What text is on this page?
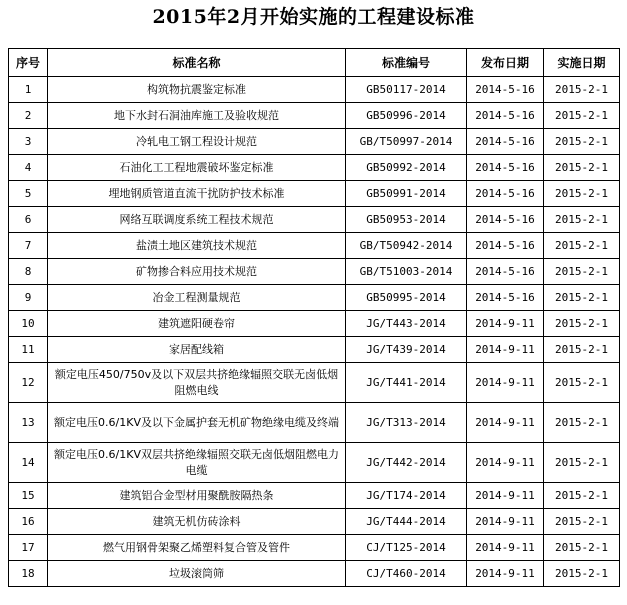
2015年2月开始实施的工程建设标准
序号	标准名称	标准编号	发布日期	实施日期
1	构筑物抗震鉴定标准	GB50117-2014	2014-5-16	2015-2-1
2	地下水封石洞油库施工及验收规范	GB50996-2014	2014-5-16	2015-2-1
3	冷轧电工钢工程设计规范	GB/T50997-2014	2014-5-16	2015-2-1
4	石油化工工程地震破坏鉴定标准	GB50992-2014	2014-5-16	2015-2-1
5	埋地钢质管道直流干扰防护技术标准	GB50991-2014	2014-5-16	2015-2-1
6	网络互联调度系统工程技术规范	GB50953-2014	2014-5-16	2015-2-1
7	盐渍土地区建筑技术规范	GB/T50942-2014	2014-5-16	2015-2-1
8	矿物掺合料应用技术规范	GB/T51003-2014	2014-5-16	2015-2-1
9	冶金工程测量规范	GB50995-2014	2014-5-16	2015-2-1
10	建筑遮阳硬卷帘	JG/T443-2014	2014-9-11	2015-2-1
11	家居配线箱	JG/T439-2014	2014-9-11	2015-2-1
12	额定电压450/750v及以下双层共挤绝缘辐照交联无卤低烟阻燃电线	JG/T441-2014	2014-9-11	2015-2-1
13	额定电压0.6/1KV及以下金属护套无机矿物绝缘电缆及终端	JG/T313-2014	2014-9-11	2015-2-1
14	额定电压0.6/1KV双层共挤绝缘辐照交联无卤低烟阻燃电力电缆	JG/T442-2014	2014-9-11	2015-2-1
15	建筑铝合金型材用聚酰胺隔热条	JG/T174-2014	2014-9-11	2015-2-1
16	建筑无机仿砖涂料	JG/T444-2014	2014-9-11	2015-2-1
17	燃气用钢骨架聚乙烯塑料复合管及管件	CJ/T125-2014	2014-9-11	2015-2-1
18	垃圾滚筒筛	CJ/T460-2014	2014-9-11	2015-2-1
